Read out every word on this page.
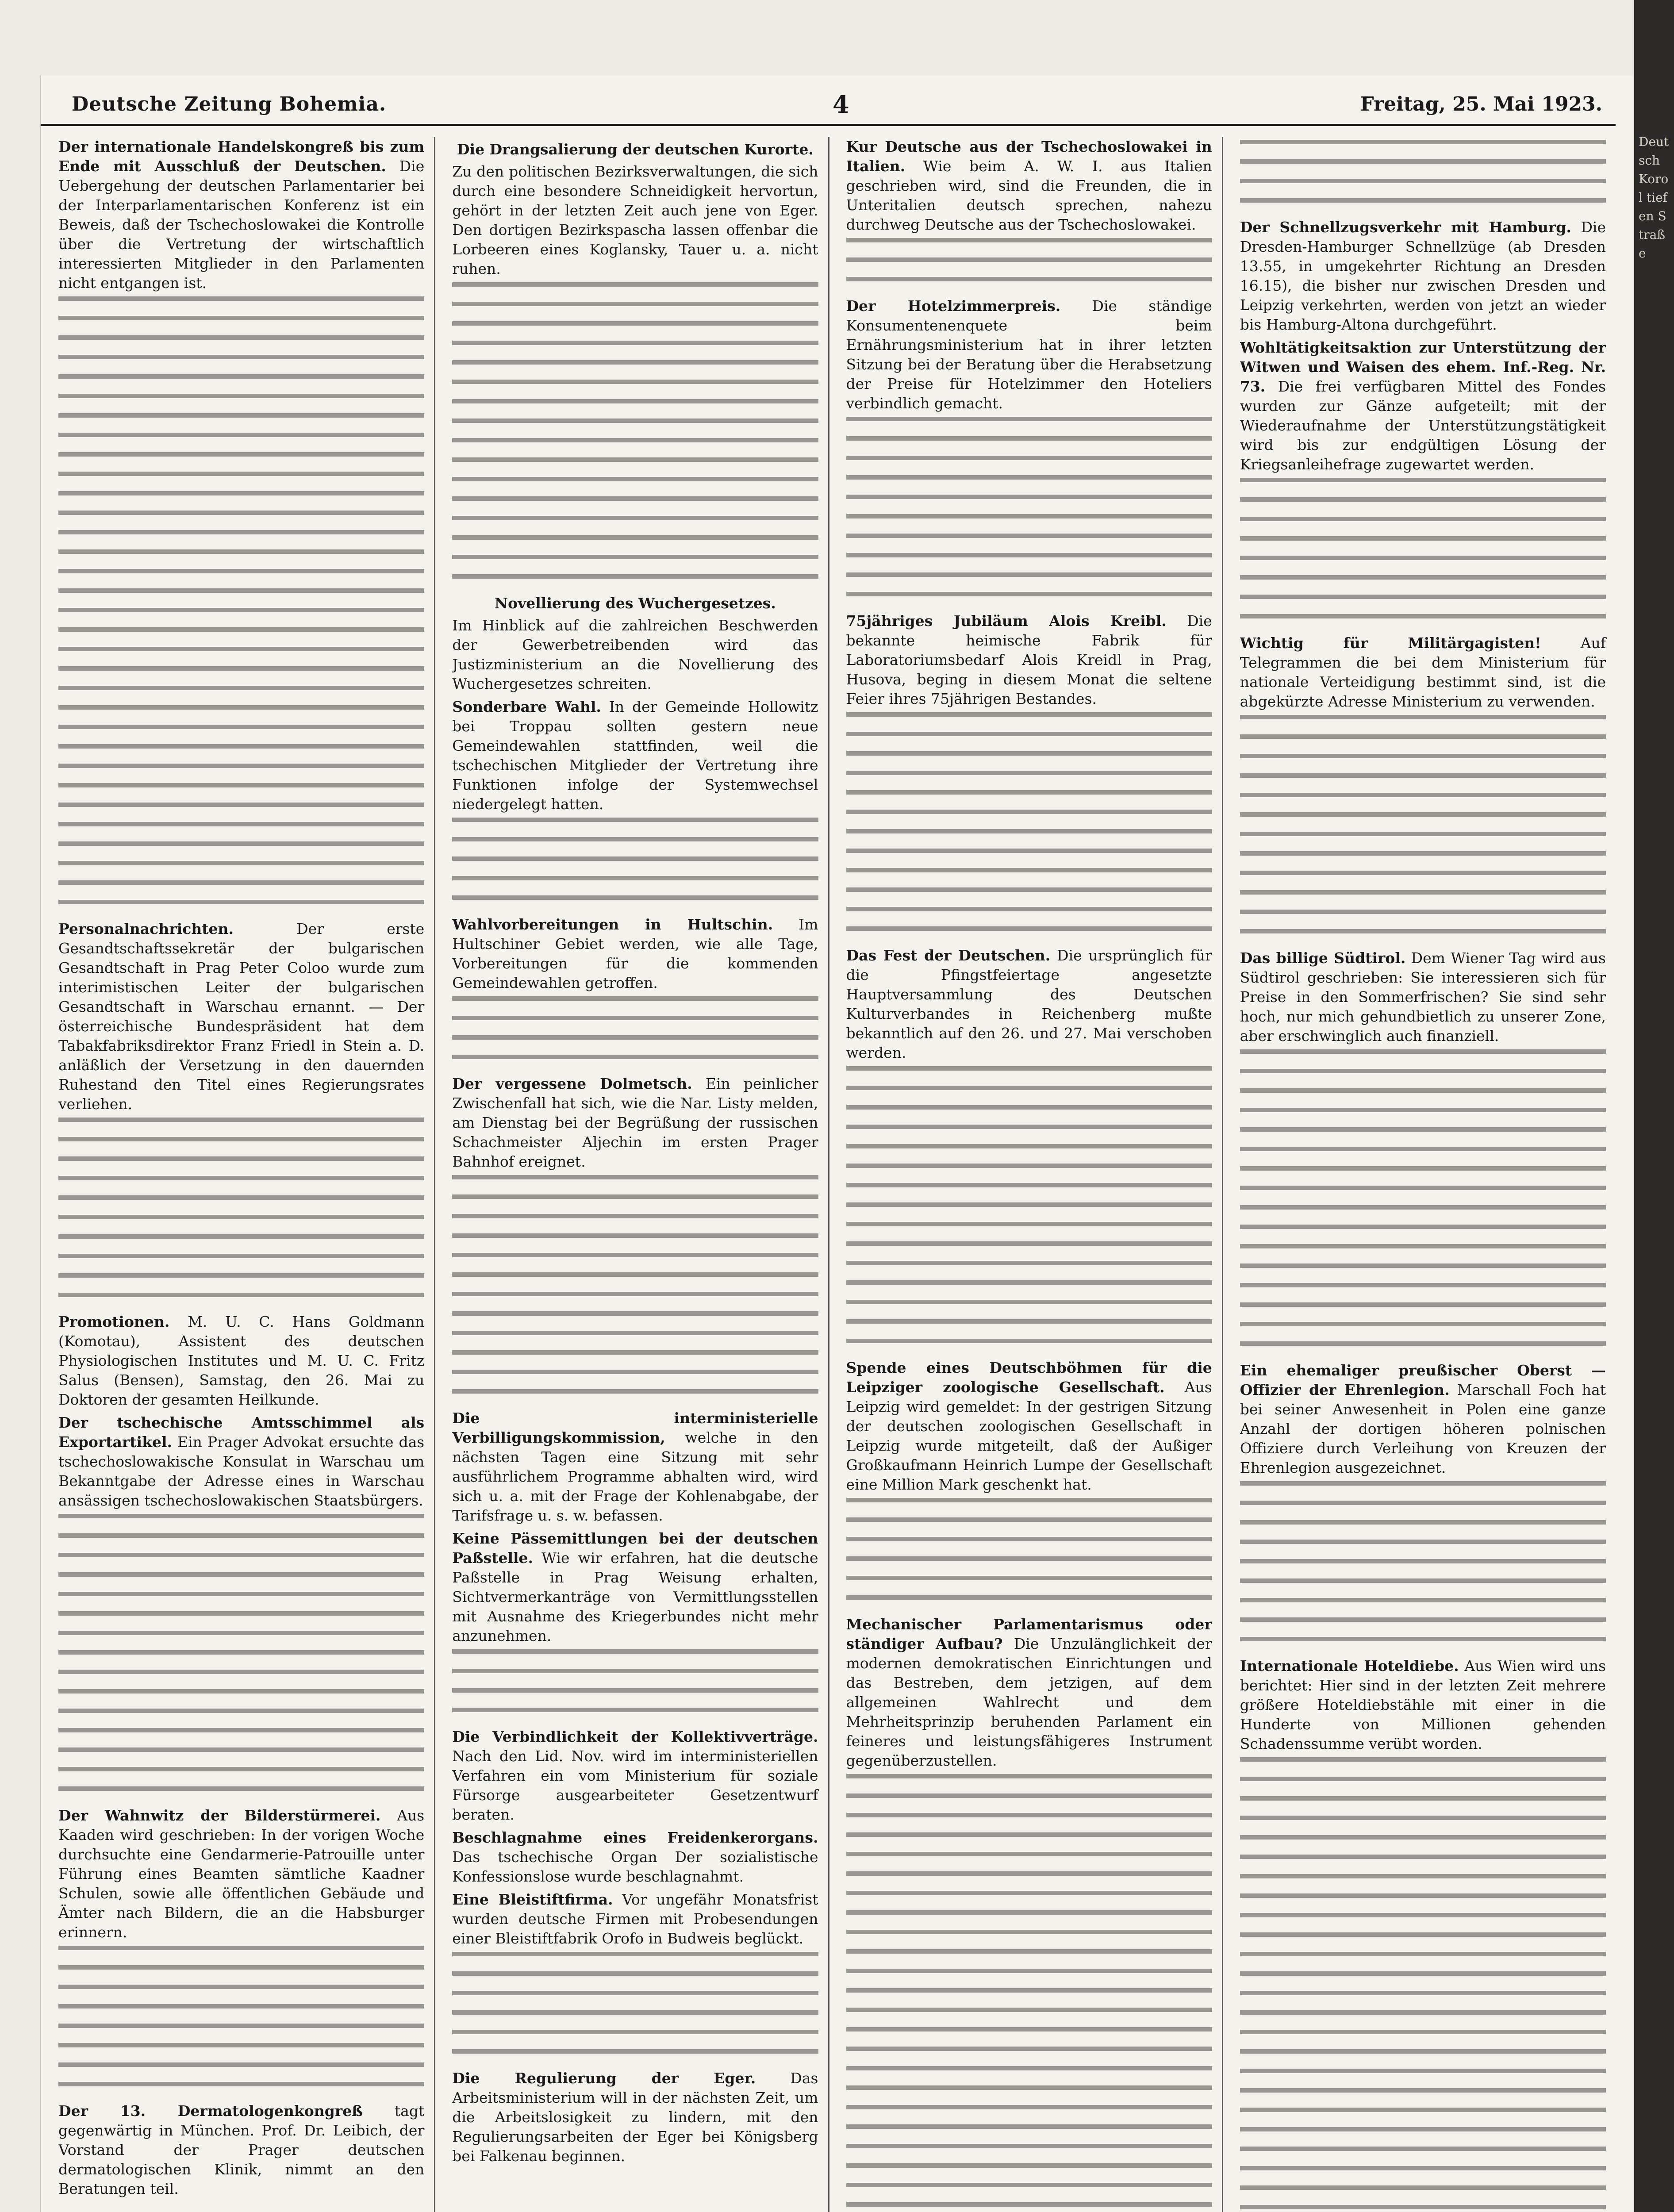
Deutsche Zeitung Bohemia.	4	Freitag, 25. Mai 1923.
Der internationale Handelskongreß bis zum Ende mit Ausschluß der Deutschen. Die Uebergehung der deutschen Parlamentarier bei der Interparlamentarischen Konferenz ist ein Beweis, daß der Tschechoslowakei die Kontrolle über die Vertretung der wirtschaftlich interessierten Mitglieder in den Parlamenten nicht entgangen ist.
Personalnachrichten.	Der erste Gesandtschaftssekretär der bulgarischen Gesandtschaft in Prag Peter Coloo wurde zum interimistischen Leiter der bulgarischen Gesandtschaft in Warschau ernannt. — Der österreichische Bundespräsident hat dem Tabakfabriksdirektor Franz Friedl in Stein a. D. anläßlich der Versetzung in den dauernden Ruhestand den Titel eines Regierungsrates verliehen.
Promotionen. M. U. C. Hans Goldmann (Komotau), Assistent des deutschen Physiologischen Institutes und M. U. C. Fritz Salus (Bensen), Samstag, den 26. Mai zu Doktoren der gesamten Heilkunde.
Der tschechische Amtsschimmel als Exportartikel. Ein Prager Advokat ersuchte das tschechoslowakische Konsulat in Warschau um Bekanntgabe der Adresse eines in Warschau ansässigen tschechoslowakischen Staatsbürgers.
Der Wahnwitz der Bilderstürmerei. Aus Kaaden wird geschrieben: In der vorigen Woche durchsuchte eine Gendarmerie-Patrouille unter Führung eines Beamten sämtliche Kaadner Schulen, sowie alle öffentlichen Gebäude und Ämter nach Bildern, die an die Habsburger erinnern.
Der 13. Dermatologenkongreß tagt gegenwärtig in München. Prof. Dr. Leibich, der Vorstand der Prager deutschen dermatologischen Klinik, nimmt an den Beratungen teil.
Die Drangsalierung der deutschen Kurorte.
Zu den politischen Bezirksverwaltungen, die sich durch eine besondere Schneidigkeit hervortun, gehört in der letzten Zeit auch jene von Eger. Den dortigen Bezirkspascha lassen offenbar die Lorbeeren eines Koglansky, Tauer u. a. nicht ruhen.
Novellierung des Wuchergesetzes.
Im Hinblick auf die zahlreichen Beschwerden der Gewerbetreibenden wird das Justizministerium an die Novellierung des Wuchergesetzes schreiten.
Sonderbare Wahl. In der Gemeinde Hollowitz bei Troppau sollten gestern neue Gemeindewahlen stattfinden, weil die tschechischen Mitglieder der Vertretung ihre Funktionen infolge der Systemwechsel niedergelegt hatten.
Wahlvorbereitungen in Hultschin. Im Hultschiner Gebiet werden, wie alle Tage, Vorbereitungen für die kommenden Gemeindewahlen getroffen.
Der vergessene Dolmetsch. Ein peinlicher Zwischenfall hat sich, wie die Nar. Listy melden, am Dienstag bei der Begrüßung der russischen Schachmeister Aljechin im ersten Prager Bahnhof ereignet.
Die interministerielle Verbilligungskommission, welche in den nächsten Tagen eine Sitzung mit sehr ausführlichem Programme abhalten wird, wird sich u. a. mit der Frage der Kohlenabgabe, der Tarifsfrage u. s. w. befassen.
Keine Pässemittlungen bei der deutschen Paßstelle. Wie wir erfahren, hat die deutsche Paßstelle in Prag Weisung erhalten, Sichtvermerkanträge von Vermittlungsstellen mit Ausnahme des Kriegerbundes nicht mehr anzunehmen.
Die Verbindlichkeit der Kollektivverträge. Nach den Lid. Nov. wird im interministeriellen Verfahren ein vom Ministerium für soziale Fürsorge ausgearbeiteter Gesetzentwurf beraten.
Beschlagnahme eines Freidenkerorgans. Das tschechische Organ Der sozialistische Konfessionslose wurde beschlagnahmt.
Eine Bleistiftfirma. Vor ungefähr Monatsfrist wurden deutsche Firmen mit Probesendungen einer Bleistiftfabrik Orofo in Budweis beglückt.
Die Regulierung der Eger. Das Arbeitsministerium will in der nächsten Zeit, um die Arbeitslosigkeit zu lindern, mit den Regulierungsarbeiten der Eger bei Königsberg bei Falkenau beginnen.
Kur Deutsche aus der Tschechoslowakei in Italien. Wie beim A. W. I. aus Italien geschrieben wird, sind die Freunden, die in Unteritalien deutsch sprechen, nahezu durchweg Deutsche aus der Tschechoslowakei.
Der Hotelzimmerpreis. Die ständige Konsumentenenquete beim Ernährungsministerium hat in ihrer letzten Sitzung bei der Beratung über die Herabsetzung der Preise für Hotelzimmer den Hoteliers verbindlich gemacht.
75jähriges Jubiläum Alois Kreibl. Die bekannte heimische Fabrik für Laboratoriumsbedarf Alois Kreidl in Prag, Husova, beging in diesem Monat die seltene Feier ihres 75jährigen Bestandes.
Das Fest der Deutschen. Die ursprünglich für die Pfingstfeiertage angesetzte Hauptversammlung des Deutschen Kulturverbandes in Reichenberg mußte bekanntlich auf den 26. und 27. Mai verschoben werden.
Spende eines Deutschböhmen für die Leipziger zoologische Gesellschaft. Aus Leipzig wird gemeldet: In der gestrigen Sitzung der deutschen zoologischen Gesellschaft in Leipzig wurde mitgeteilt, daß der Außiger Großkaufmann Heinrich Lumpe der Gesellschaft eine Million Mark geschenkt hat.
Mechanischer Parlamentarismus oder ständiger Aufbau? Die Unzulänglichkeit der modernen demokratischen Einrichtungen und das Bestreben, dem jetzigen, auf dem allgemeinen Wahlrecht und dem Mehrheitsprinzip beruhenden Parlament ein feineres und leistungsfähigeres Instrument gegenüberzustellen.
Der Schnellzugsverkehr mit Hamburg. Die Dresden-Hamburger Schnellzüge (ab Dresden 13.55, in umgekehrter Richtung an Dresden 16.15), die bisher nur zwischen Dresden und Leipzig verkehrten, werden von jetzt an wieder bis Hamburg-Altona durchgeführt.
Wohltätigkeitsaktion zur Unterstützung der Witwen und Waisen des ehem. Inf.-Reg. Nr. 73. Die frei verfügbaren Mittel des Fondes wurden zur Gänze aufgeteilt; mit der Wiederaufnahme der Unterstützungstätigkeit wird bis zur endgültigen Lösung der Kriegsanleihefrage zugewartet werden.
Wichtig für Militärgagisten!	Auf Telegrammen die bei dem Ministerium für nationale Verteidigung bestimmt sind, ist die abgekürzte Adresse Ministerium zu verwenden.
Das billige Südtirol. Dem Wiener Tag wird aus Südtirol geschrieben: Sie interessieren sich für Preise in den Sommerfrischen? Sie sind sehr hoch, nur mich gehundbietlich zu unserer Zone, aber erschwinglich auch finanziell.
Ein ehemaliger preußischer Oberst — Offizier der Ehrenlegion. Marschall Foch hat bei seiner Anwesenheit in Polen eine ganze Anzahl der dortigen höheren polnischen Offiziere durch Verleihung von Kreuzen der Ehrenlegion ausgezeichnet.
Internationale Hoteldiebe. Aus Wien wird uns berichtet: Hier sind in der letzten Zeit mehrere größere Hoteldiebstähle mit einer in die Hunderte von Millionen gehenden Schadenssumme verübt worden.
Deutsch Korol tiefen Straße
